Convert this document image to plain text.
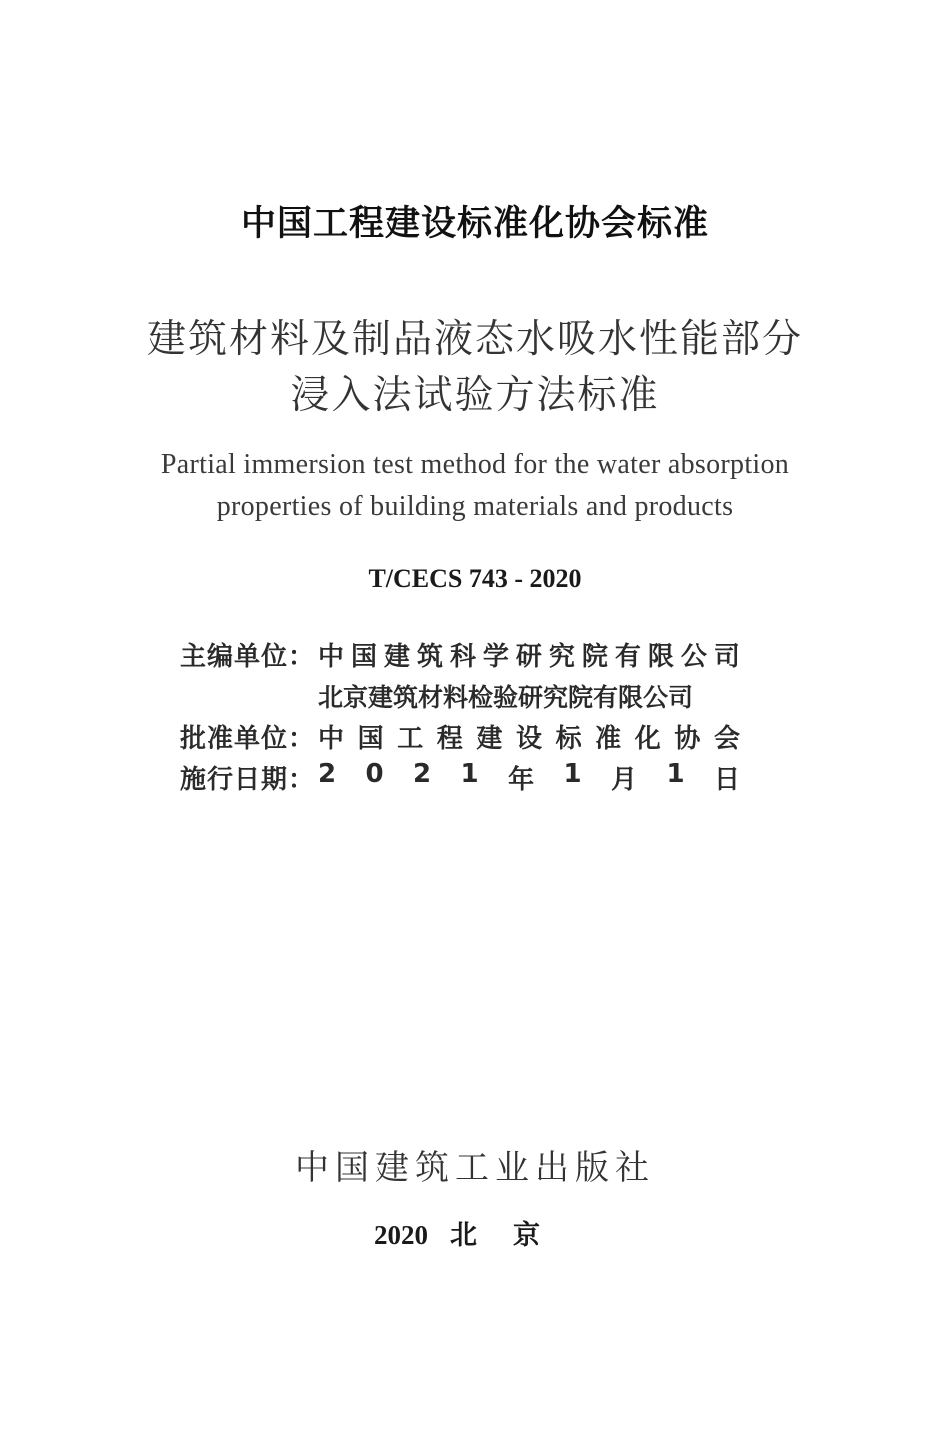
中国工程建设标准化协会标准
建筑材料及制品液态水吸水性能部分
浸入法试验方法标准
Partial immersion test method for the water absorption
properties of building materials and products
T/CECS 743 - 2020
主编单位： 中 国 建 筑 科 学 研 究 院 有 限 公 司
北京建筑材料检验研究院有限公司
批准单位： 中 国 工 程 建 设 标 准 化 协 会
施行日期： 2 0 2 1 年 1 月 1 日
中国建筑工业出版社
2020 北京
